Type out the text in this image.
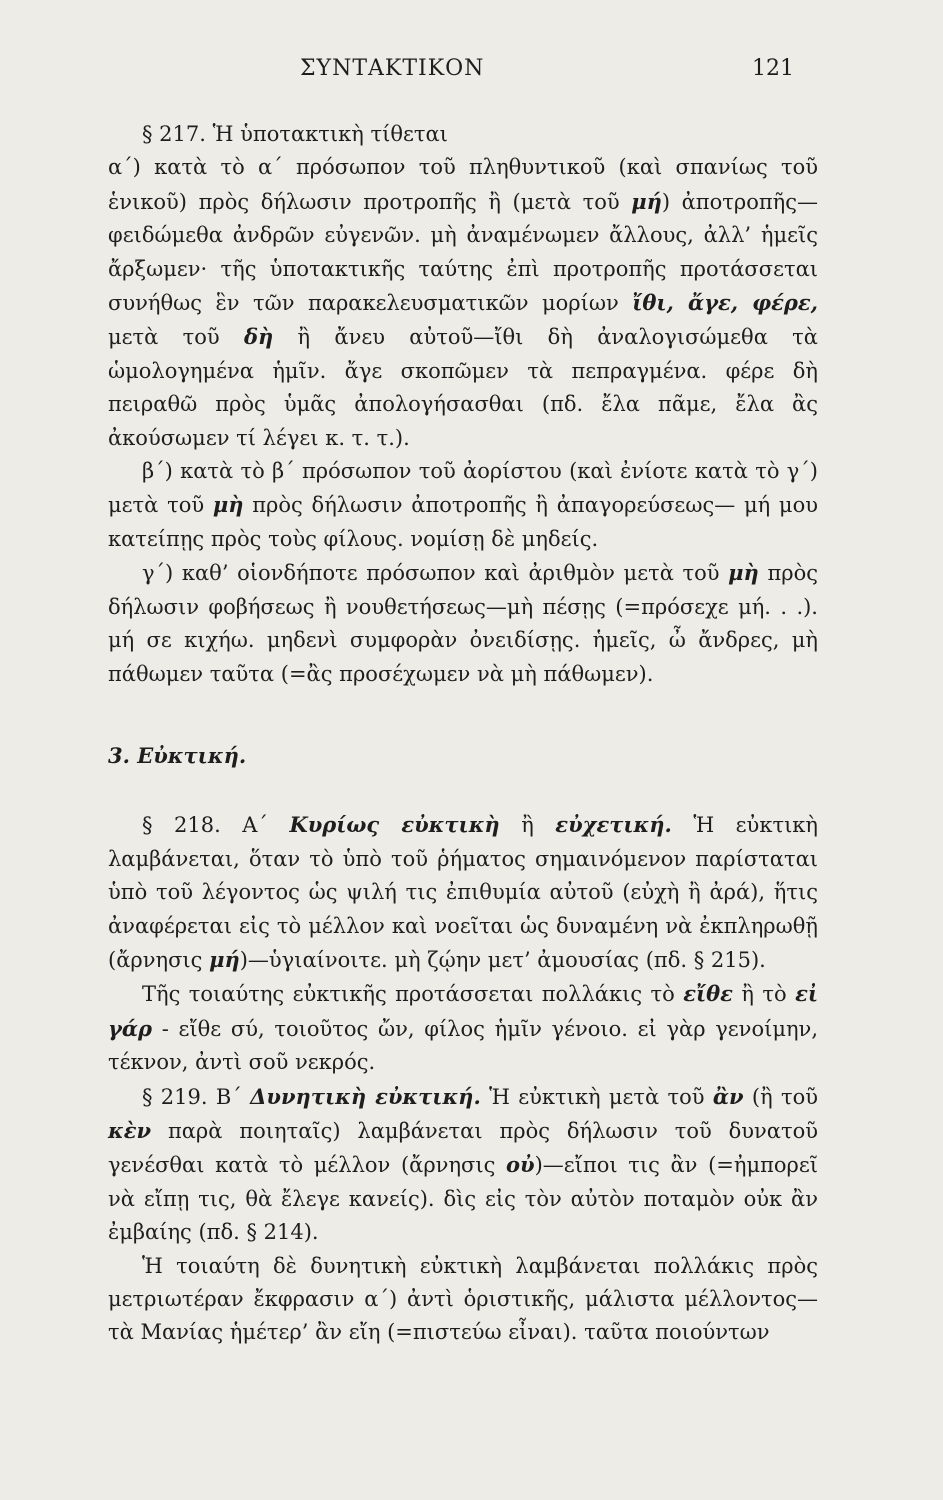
ΣΥΝΤΑΚΤΙΚΟΝ	121

§ 217. Ἡ ὑποτακτικὴ τίθεται

α΄) κατὰ τὸ α΄ πρόσωπον τοῦ πληθυντικοῦ (καὶ σπανίως τοῦ ἑνικοῦ) πρὸς δήλωσιν προτροπῆς ἢ (μετὰ τοῦ μή) ἀποτροπῆς— φειδώμεθα ἀνδρῶν εὐγενῶν. μὴ ἀναμένωμεν ἄλλους, ἀλλ’ ἡμεῖς ἄρξωμεν· τῆς ὑποτακτικῆς ταύτης ἐπὶ προτροπῆς προτάσσεται συνήθως ἓν τῶν παρακελευσματικῶν μορίων ἴθι, ἄγε, φέρε, μετὰ τοῦ δὴ ἢ ἄνευ αὐτοῦ—ἴθι δὴ ἀναλογισώμεθα τὰ ὡμολογημένα ἡμῖν. ἄγε σκοπῶμεν τὰ πεπραγμένα. φέρε δὴ πειραθῶ πρὸς ὑμᾶς ἀπολογήσασθαι (πδ. ἔλα πᾶμε, ἔλα ἂς ἀκούσωμεν τί λέγει κ. τ. τ.).

β΄) κατὰ τὸ β΄ πρόσωπον τοῦ ἀορίστου (καὶ ἐνίοτε κατὰ τὸ γ΄) μετὰ τοῦ μὴ πρὸς δήλωσιν ἀποτροπῆς ἢ ἀπαγορεύσεως— μή μου κατείπῃς πρὸς τοὺς φίλους. νομίσῃ δὲ μηδείς.

γ΄) καθ’ οἱονδήποτε πρόσωπον καὶ ἀριθμὸν μετὰ τοῦ μὴ πρὸς δήλωσιν φοβήσεως ἢ νουθετήσεως—μὴ πέσῃς (=πρόσεχε μή. . .). μή σε κιχήω. μηδενὶ συμφορὰν ὀνειδίσῃς. ἡμεῖς, ὦ ἄνδρες, μὴ πάθωμεν ταῦτα (=ἂς προσέχωμεν νὰ μὴ πάθωμεν).

3. Εὐκτική.

§ 218. Α΄ Κυρίως εὐκτικὴ ἢ εὐχετική. Ἡ εὐκτικὴ λαμβάνεται, ὅταν τὸ ὑπὸ τοῦ ῥήματος σημαινόμενον παρίσταται ὑπὸ τοῦ λέγοντος ὡς ψιλή τις ἐπιθυμία αὐτοῦ (εὐχὴ ἢ ἀρά), ἥτις ἀναφέρεται εἰς τὸ μέλλον καὶ νοεῖται ὡς δυναμένη νὰ ἐκπληρωθῇ (ἄρνησις μή)—ὑγιαίνοιτε. μὴ ζῴην μετ’ ἀμουσίας (πδ. § 215).

Τῆς τοιαύτης εὐκτικῆς προτάσσεται πολλάκις τὸ εἴθε ἢ τὸ εἰ γάρ - εἴθε σύ, τοιοῦτος ὤν, φίλος ἡμῖν γένοιο. εἰ γὰρ γενοίμην, τέκνον, ἀντὶ σοῦ νεκρός.

§ 219. Β΄ Δυνητικὴ εὐκτική. Ἡ εὐκτικὴ μετὰ τοῦ ἂν (ἢ τοῦ κὲν παρὰ ποιηταῖς) λαμβάνεται πρὸς δήλωσιν τοῦ δυνατοῦ γενέσθαι κατὰ τὸ μέλλον (ἄρνησις οὐ)—εἴποι τις ἂν (=ἠμπορεῖ νὰ εἴπῃ τις, θὰ ἔλεγε κανείς). δὶς εἰς τὸν αὐτὸν ποταμὸν οὐκ ἂν ἐμβαίης (πδ. § 214).

Ἡ τοιαύτη δὲ δυνητικὴ εὐκτικὴ λαμβάνεται πολλάκις πρὸς μετριωτέραν ἔκφρασιν α΄) ἀντὶ ὁριστικῆς, μάλιστα μέλλοντος— τὰ Μανίας ἡμέτερ’ ἂν εἴη (=πιστεύω εἶναι). ταῦτα ποιούντων
